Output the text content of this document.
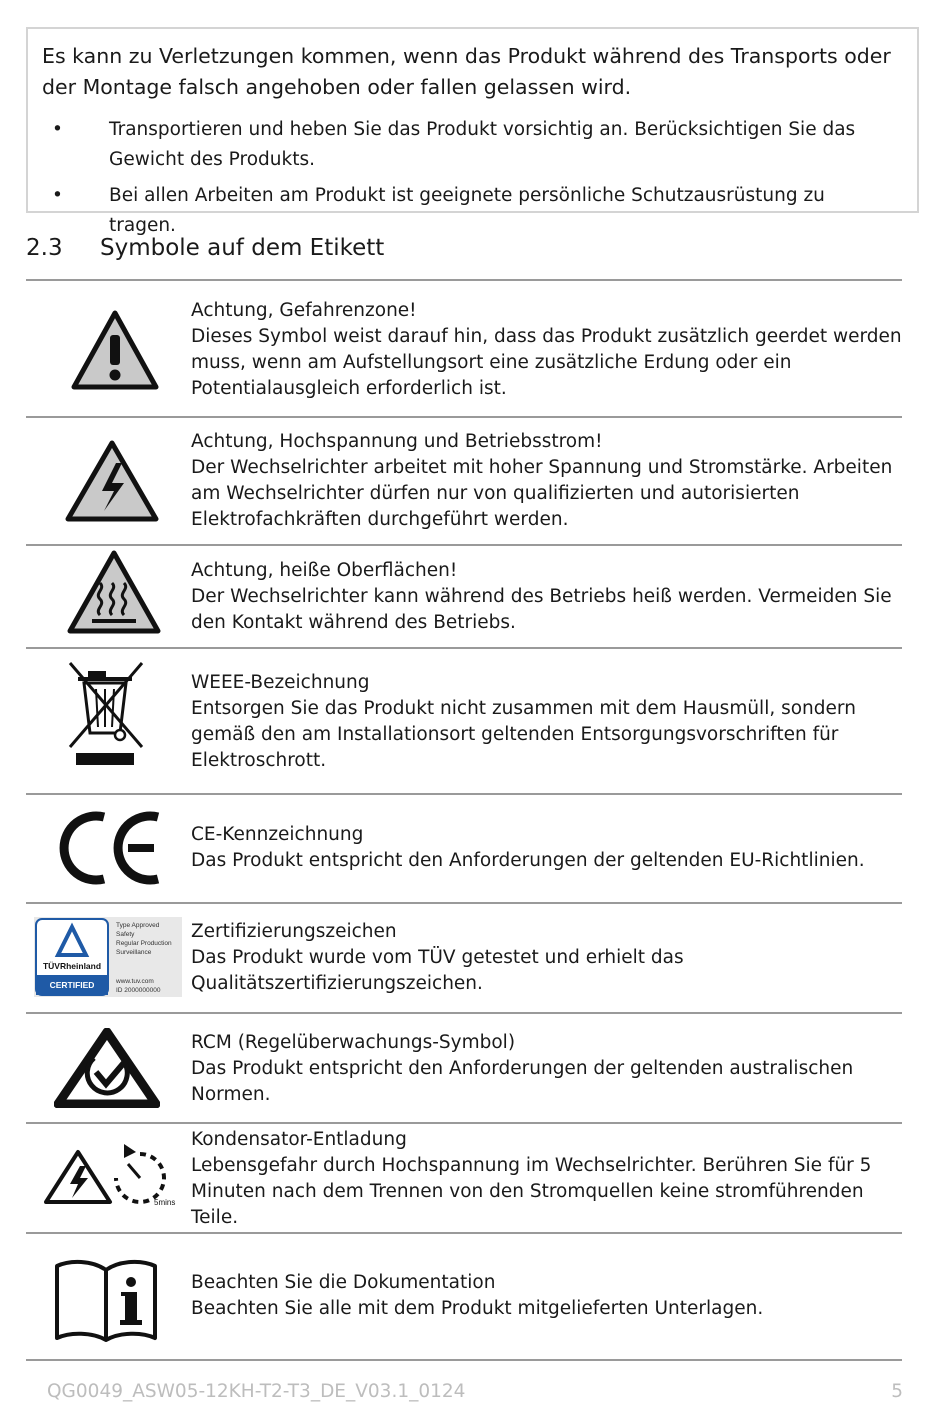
Es kann zu Verletzungen kommen, wenn das Produkt während des Transports oder der Montage falsch angehoben oder fallen gelassen wird.
• Transportieren und heben Sie das Produkt vorsichtig an. Berücksichtigen Sie das Gewicht des Produkts.
• Bei allen Arbeiten am Produkt ist geeignete persönliche Schutzausrüstung zu tragen.
2.3 Symbole auf dem Etikett
Achtung, Gefahrenzone!
Dieses Symbol weist darauf hin, dass das Produkt zusätzlich geerdet werden muss, wenn am Aufstellungsort eine zusätzliche Erdung oder ein Potentialausgleich erforderlich ist.
Achtung, Hochspannung und Betriebsstrom!
Der Wechselrichter arbeitet mit hoher Spannung und Stromstärke. Arbeiten am Wechselrichter dürfen nur von qualifizierten und autorisierten Elektrofachkräften durchgeführt werden.
Achtung, heiße Oberflächen!
Der Wechselrichter kann während des Betriebs heiß werden. Vermeiden Sie den Kontakt während des Betriebs.
WEEE-Bezeichnung
Entsorgen Sie das Produkt nicht zusammen mit dem Hausmüll, sondern gemäß den am Installationsort geltenden Entsorgungsvorschriften für Elektroschrott.
CE-Kennzeichnung
Das Produkt entspricht den Anforderungen der geltenden EU-Richtlinien.
TÜVRheinland
CERTIFIED
Type Approved
Safety
Regular Production
Surveillance
www.tuv.com
ID 2000000000
Zertifizierungszeichen
Das Produkt wurde vom TÜV getestet und erhielt das Qualitätszertifizierungszeichen.
RCM (Regelüberwachungs-Symbol)
Das Produkt entspricht den Anforderungen der geltenden australischen Normen.
5mins
Kondensator-Entladung
Lebensgefahr durch Hochspannung im Wechselrichter. Berühren Sie für 5 Minuten nach dem Trennen von den Stromquellen keine stromführenden Teile.
Beachten Sie die Dokumentation
Beachten Sie alle mit dem Produkt mitgelieferten Unterlagen.
QG0049_ASW05-12KH-T2-T3_DE_V03.1_0124	5
